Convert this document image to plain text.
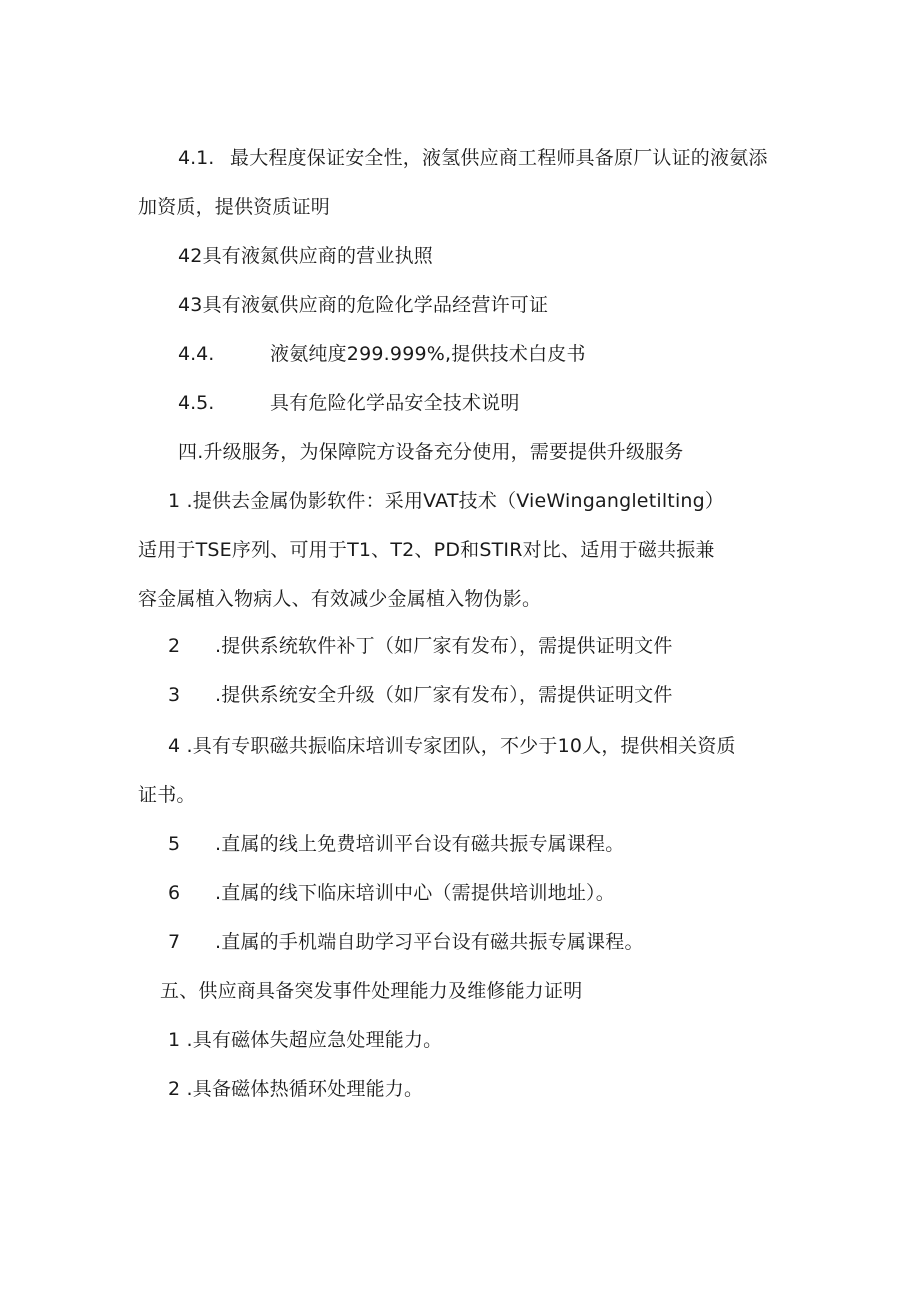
4.1. 最大程度保证安全性，液氢供应商工程师具备原厂认证的液氨添
加资质，提供资质证明
42具有液氮供应商的营业执照
43具有液氨供应商的危险化学品经营许可证
4.4.	液氨纯度299.999%,提供技术白皮书
4.5.	具有危险化学品安全技术说明
四.升级服务，为保障院方设备充分使用，需要提供升级服务
1 .提供去金属伪影软件：采用VAT技术（VieWingangletilting）
适用于TSE序列、可用于T1、T2、PD和STIR对比、适用于磁共振兼
容金属植入物病人、有效减少金属植入物伪影。
2 .提供系统软件补丁（如厂家有发布），需提供证明文件
3 .提供系统安全升级（如厂家有发布），需提供证明文件
4 .具有专职磁共振临床培训专家团队，不少于10人，提供相关资质
证书。
5 .直属的线上免费培训平台设有磁共振专属课程。
6 .直属的线下临床培训中心（需提供培训地址）。
7 .直属的手机端自助学习平台设有磁共振专属课程。
五、供应商具备突发事件处理能力及维修能力证明
1 .具有磁体失超应急处理能力。
2 .具备磁体热循环处理能力。
